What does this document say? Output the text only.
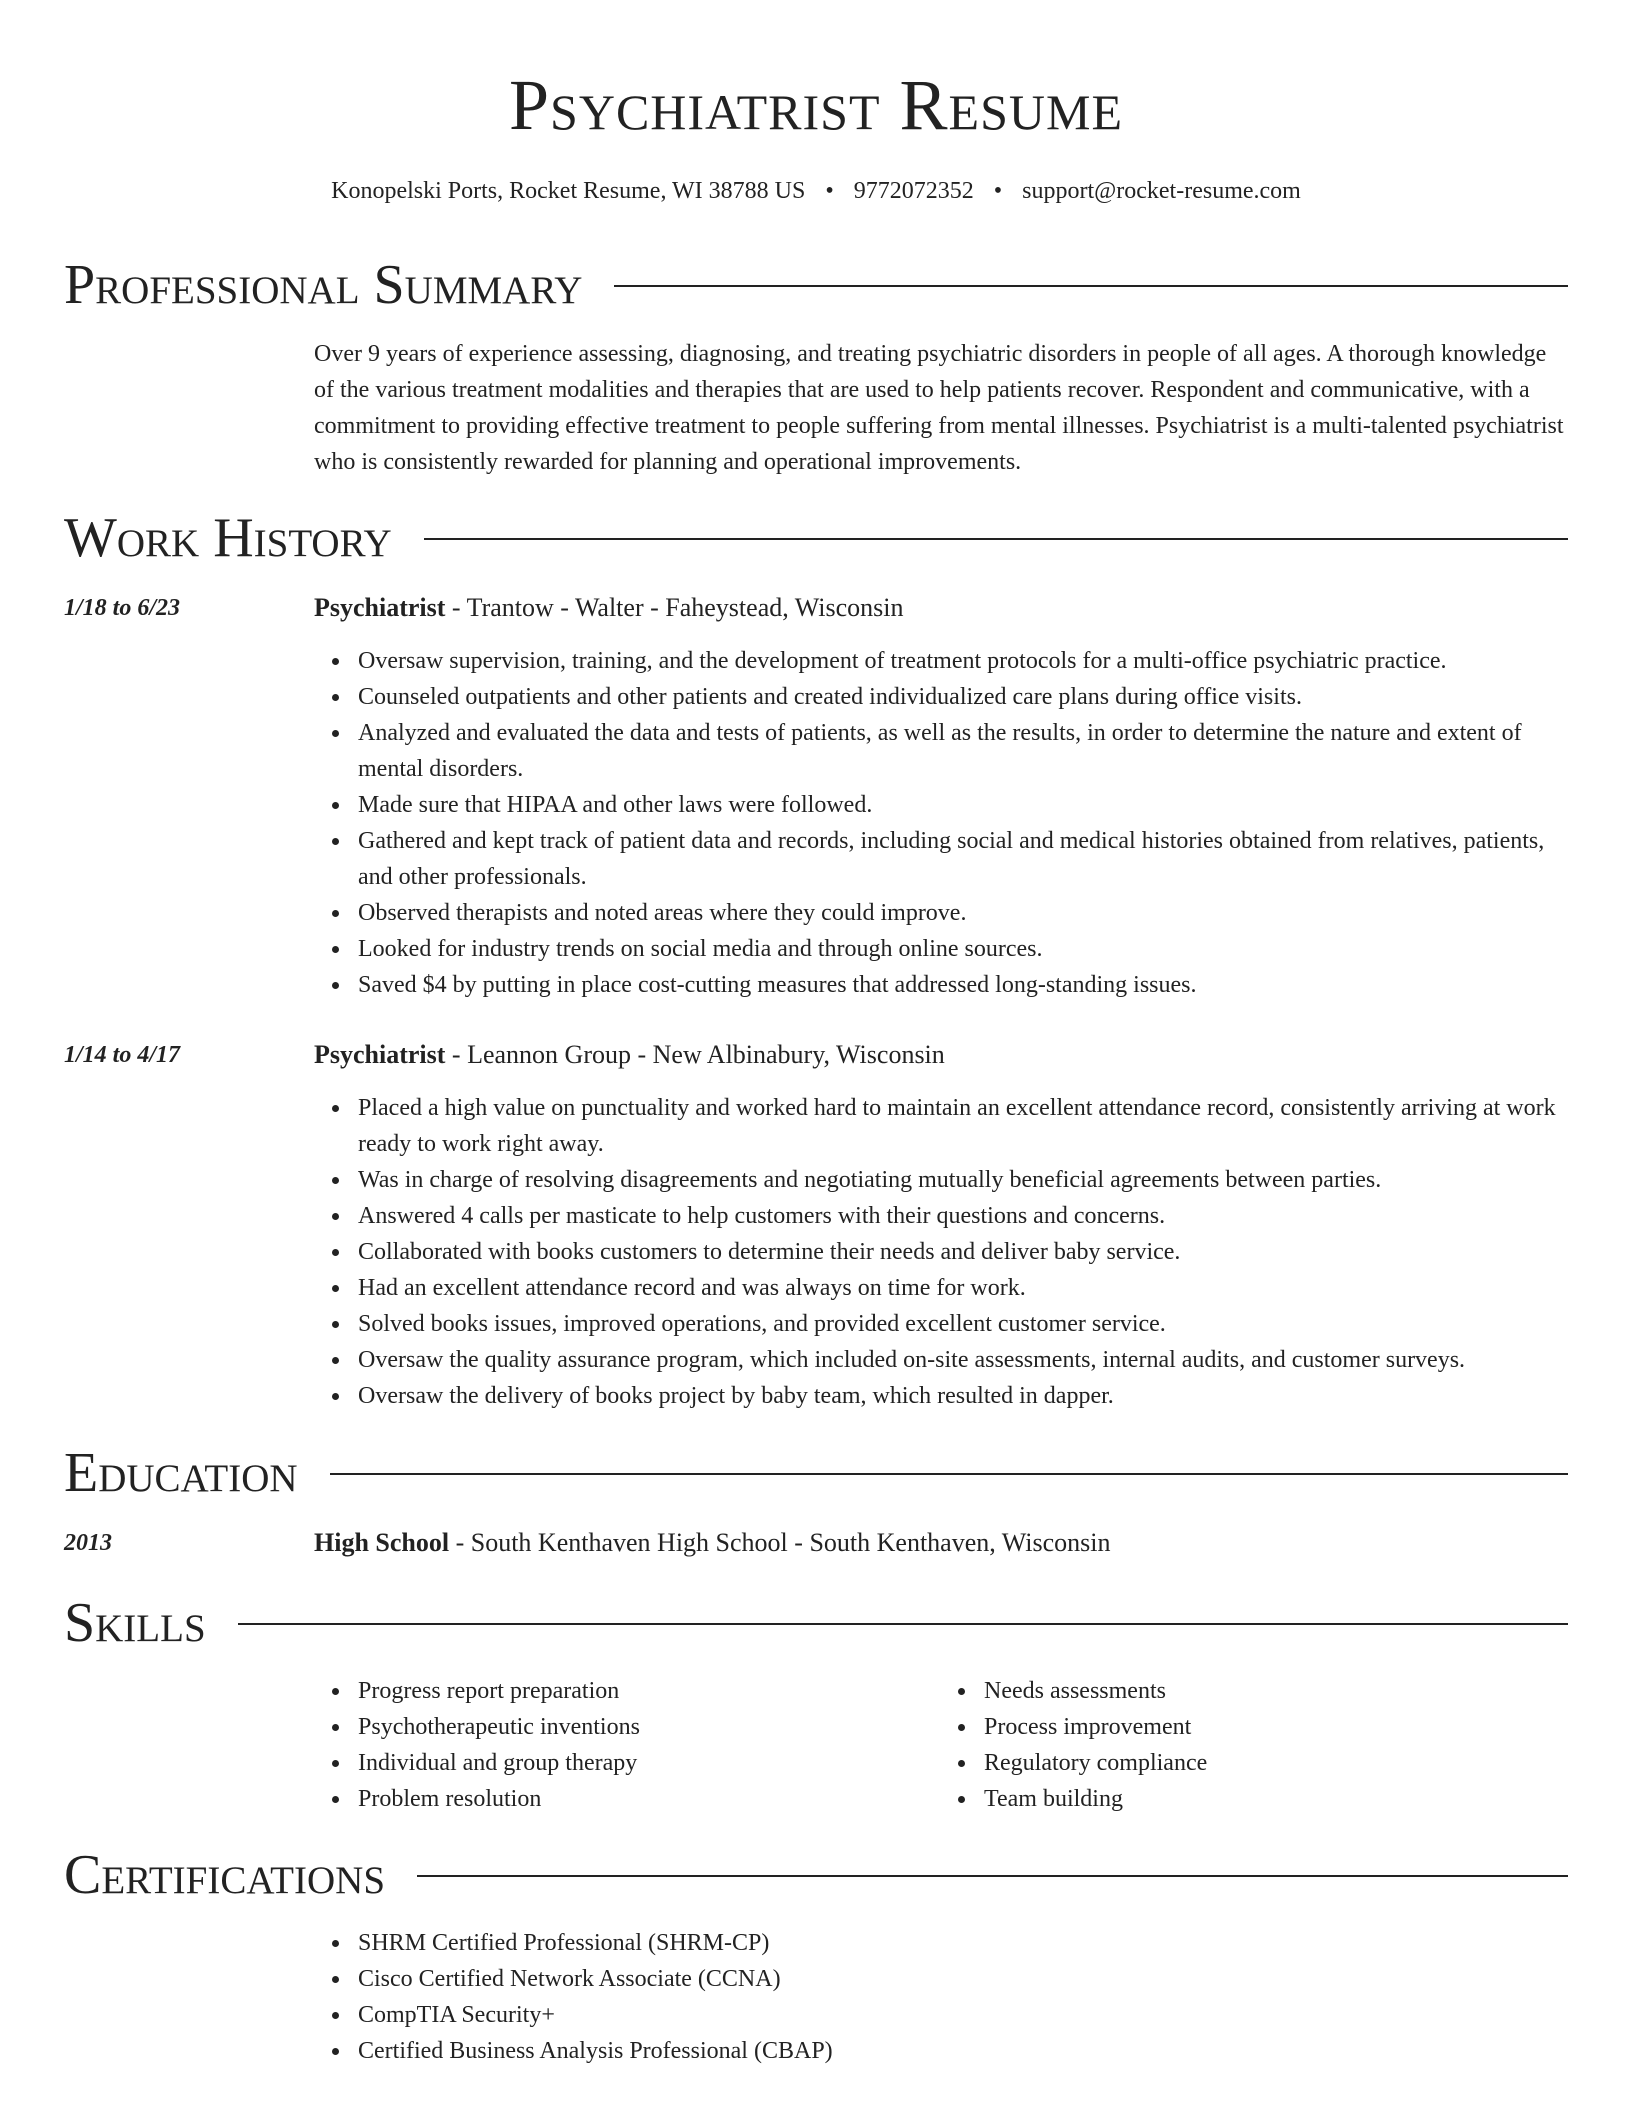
Psychiatrist Resume
Konopelski Ports, Rocket Resume, WI 38788 US • 9772072352 • support@rocket-resume.com
Professional Summary

Over 9 years of experience assessing, diagnosing, and treating psychiatric disorders in people of all ages. A thorough knowledge of the various treatment modalities and therapies that are used to help patients recover. Respondent and communicative, with a commitment to providing effective treatment to people suffering from mental illnesses. Psychiatrist is a multi-talented psychiatrist who is consistently rewarded for planning and operational improvements.

Work History
1/18 to 6/23	Psychiatrist - Trantow - Walter - Faheystead, Wisconsin
Oversaw supervision, training, and the development of treatment protocols for a multi-office psychiatric practice.
Counseled outpatients and other patients and created individualized care plans during office visits.
Analyzed and evaluated the data and tests of patients, as well as the results, in order to determine the nature and extent of mental disorders.
Made sure that HIPAA and other laws were followed.
Gathered and kept track of patient data and records, including social and medical histories obtained from relatives, patients, and other professionals.
Observed therapists and noted areas where they could improve.
Looked for industry trends on social media and through online sources.
Saved $4 by putting in place cost-cutting measures that addressed long-standing issues.
1/14 to 4/17	Psychiatrist - Leannon Group - New Albinabury, Wisconsin
Placed a high value on punctuality and worked hard to maintain an excellent attendance record, consistently arriving at work ready to work right away.
Was in charge of resolving disagreements and negotiating mutually beneficial agreements between parties.
Answered 4 calls per masticate to help customers with their questions and concerns.
Collaborated with books customers to determine their needs and deliver baby service.
Had an excellent attendance record and was always on time for work.
Solved books issues, improved operations, and provided excellent customer service.
Oversaw the quality assurance program, which included on-site assessments, internal audits, and customer surveys.
Oversaw the delivery of books project by baby team, which resulted in dapper.
Education
2013	High School - South Kenthaven High School - South Kenthaven, Wisconsin
Skills
Progress report preparation
Psychotherapeutic inventions
Individual and group therapy
Problem resolution
Needs assessments
Process improvement
Regulatory compliance
Team building
Certifications
SHRM Certified Professional (SHRM-CP)
Cisco Certified Network Associate (CCNA)
CompTIA Security+
Certified Business Analysis Professional (CBAP)
